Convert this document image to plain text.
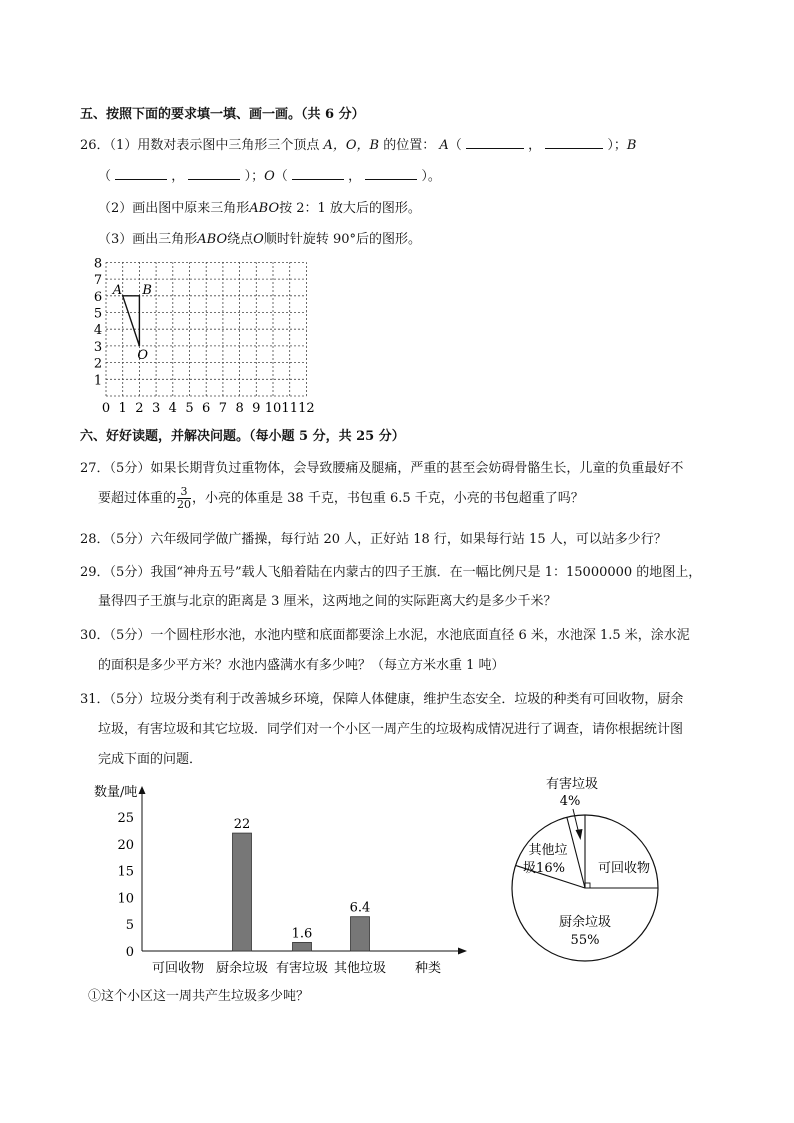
五、按照下面的要求填一填、画一画。（共 6 分）
26．（1）用数对表示图中三角形三个顶点 A，O，B 的位置： A（	，	）；B
（	，	）；O（	，	）。
（2）画出图中原来三角形ABO按 2：1 放大后的图形。
（3）画出三角形ABO绕点O顺时针旋转 90°后的图形。
0 1 2 3 4 5 6 7 8 9 10 11 12
1
2
3
4
5
6
7
8
A B
O
六、好好读题，并解决问题。（每小题 5 分，共 25 分）
27．（5分）如果长期背负过重物体，会导致腰痛及腿痛，严重的甚至会妨碍骨骼生长，儿童的负重最好不
要超过体重的 $\frac{3}{20}$ ，小亮的体重是 38 千克，书包重 6.5 千克，小亮的书包超重了吗？
28．（5分）六年级同学做广播操，每行站 20 人，正好站 18 行，如果每行站 15 人，可以站多少行？
29．（5分）我国“神舟五号”载人飞船着陆在内蒙古的四子王旗．在一幅比例尺是 1：15000000 的地图上，
量得四子王旗与北京的距离是 3 厘米，这两地之间的实际距离大约是多少千米？
30．（5分）一个圆柱形水池，水池内壁和底面都要涂上水泥，水池底面直径 6 米，水池深 1.5 米，涂水泥
的面积是多少平方米？水池内盛满水有多少吨？（每立方米水重 1 吨）
31．（5分）垃圾分类有利于改善城乡环境，保障人体健康，维护生态安全．垃圾的种类有可回收物，厨余
垃圾，有害垃圾和其它垃圾．同学们对一个小区一周产生的垃圾构成情况进行了调查，请你根据统计图
完成下面的问题．
数量/吨
0
5
10
15
20
25
可回收物 厨余垃圾
22
有害垃圾
1.6
其他垃圾
6.4
种类
可回收物
厨余垃圾
55%
其他垃
圾16%
有害垃圾
4%
①这个小区这一周共产生垃圾多少吨？
